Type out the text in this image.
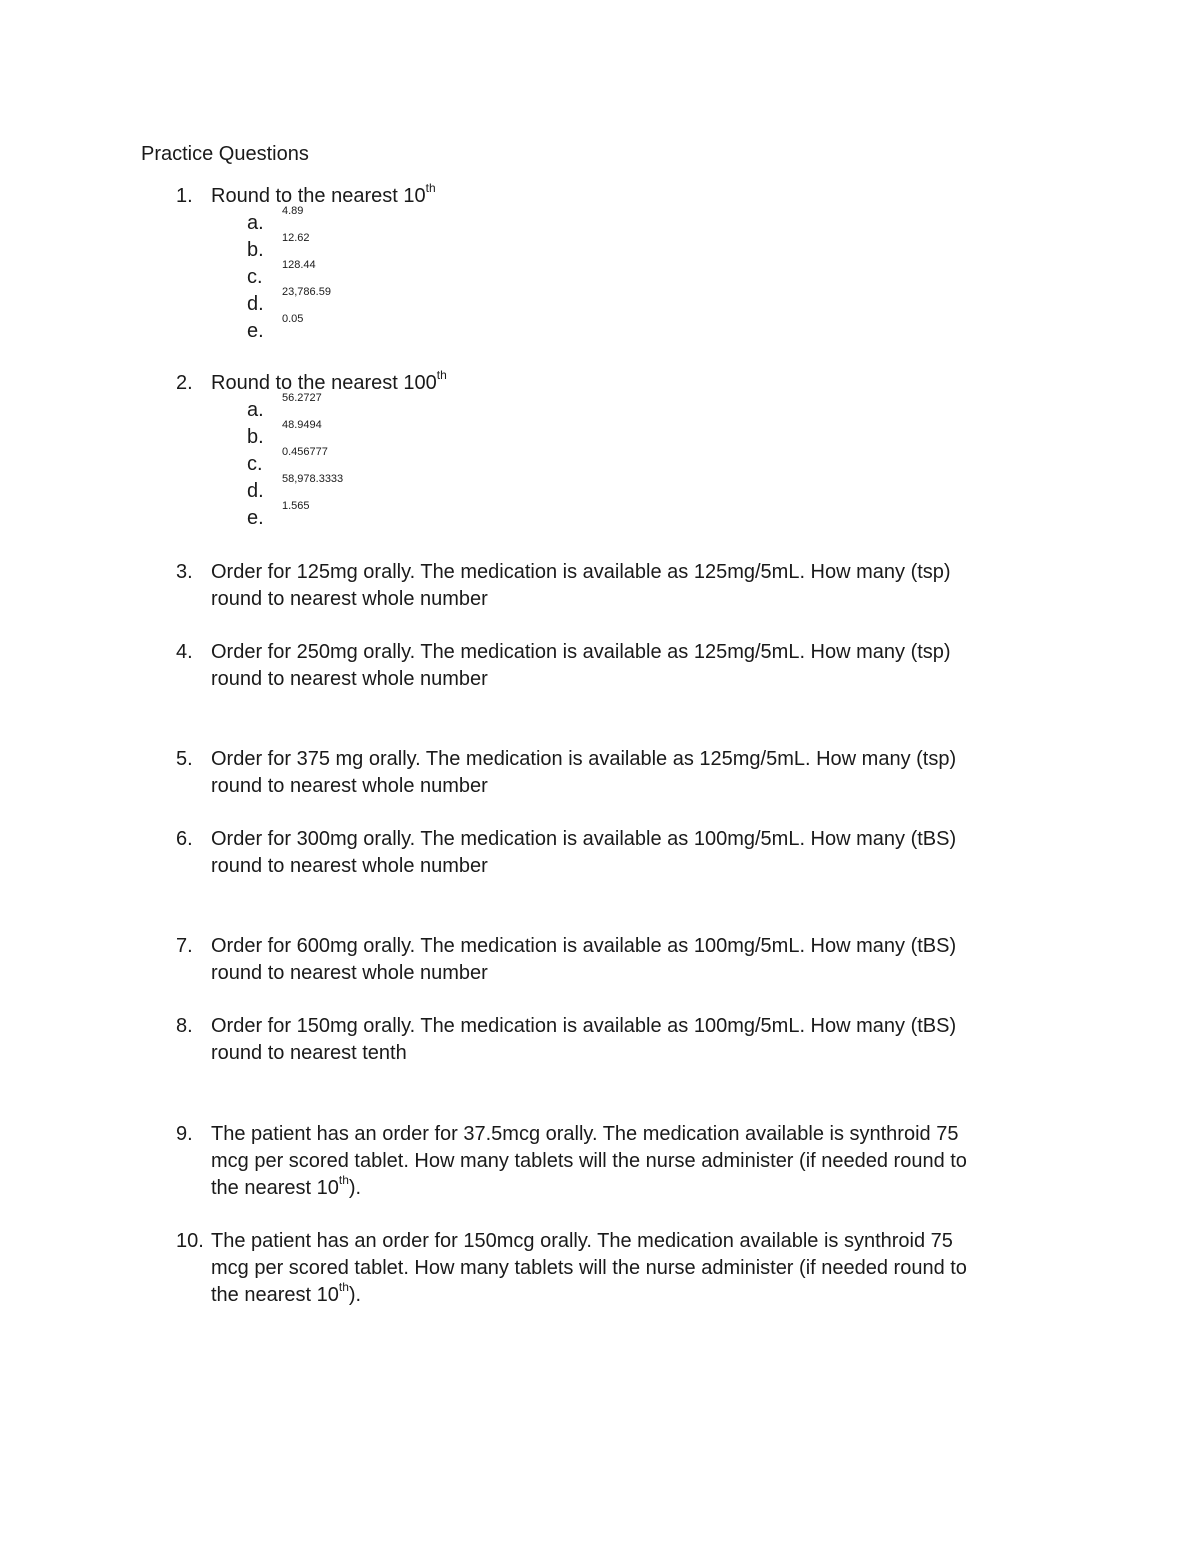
Practice Questions
1. Round to the nearest 10th
a.
4.89
b.
12.62
c.
128.44
d.
23,786.59
e.
0.05
2. Round to the nearest 100th
a.
56.2727
b.
48.9494
c.
0.456777
d.
58,978.3333
e.
1.565
3. Order for 125mg orally. The medication is available as 125mg/5mL. How many (tsp)
round to nearest whole number
4. Order for 250mg orally. The medication is available as 125mg/5mL. How many (tsp)
round to nearest whole number
5. Order for 375 mg orally. The medication is available as 125mg/5mL. How many (tsp)
round to nearest whole number
6. Order for 300mg orally. The medication is available as 100mg/5mL. How many (tBS)
round to nearest whole number
7. Order for 600mg orally. The medication is available as 100mg/5mL. How many (tBS)
round to nearest whole number
8. Order for 150mg orally. The medication is available as 100mg/5mL. How many (tBS)
round to nearest tenth
9. The patient has an order for 37.5mcg orally. The medication available is synthroid 75
mcg per scored tablet. How many tablets will the nurse administer (if needed round to
the nearest 10th).
10. The patient has an order for 150mcg orally. The medication available is synthroid 75
mcg per scored tablet. How many tablets will the nurse administer (if needed round to
the nearest 10th).
